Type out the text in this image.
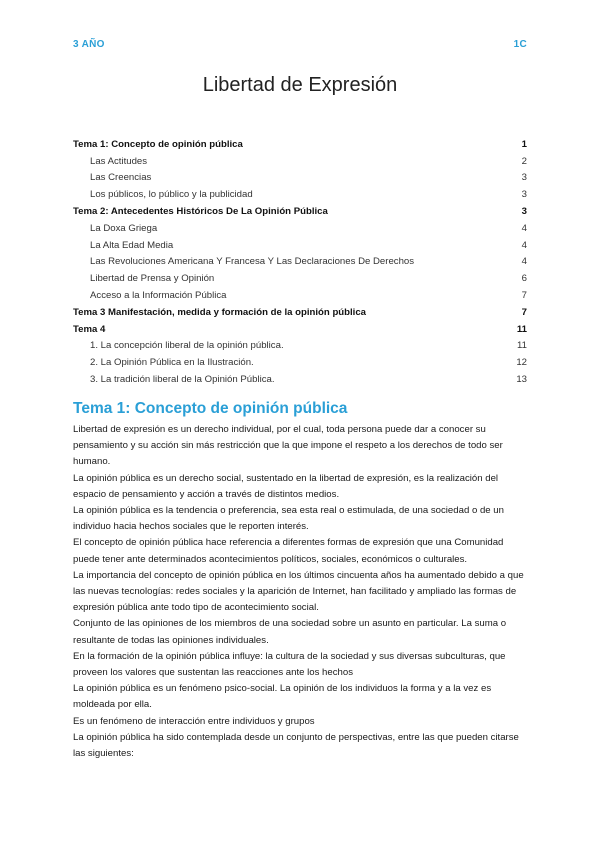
3 AÑO	1C
Libertad de Expresión
Tema 1: Concepto de opinión pública	1
Las Actitudes	2
Las Creencias	3
Los públicos, lo público y la publicidad	3
Tema 2: Antecedentes Históricos De La Opinión Pública	3
La Doxa Griega	4
La Alta Edad Media	4
Las Revoluciones Americana Y Francesa Y Las Declaraciones De Derechos	4
Libertad de Prensa y Opinión	6
Acceso a la Información Pública	7
Tema 3 Manifestación, medida y formación de la opinión pública	7
Tema 4	11
1. La concepción liberal de la opinión pública.	11
2. La Opinión Pública en la Ilustración.	12
3. La tradición liberal de la Opinión Pública.	13
Tema 1: Concepto de opinión pública

Libertad de expresión es un derecho individual, por el cual, toda persona puede dar a conocer su pensamiento y su acción sin más restricción que la que impone el respeto a los derechos de todo ser humano.

La opinión pública es un derecho social, sustentado en la libertad de expresión, es la realización del espacio de pensamiento y acción a través de distintos medios.

La opinión pública es la tendencia o preferencia, sea esta real o estimulada, de una sociedad o de un individuo hacia hechos sociales que le reporten interés.

El concepto de opinión pública hace referencia a diferentes formas de expresión que una Comunidad puede tener ante determinados acontecimientos políticos, sociales, económicos o culturales.

La importancia del concepto de opinión pública en los últimos cincuenta años ha aumentado debido a que las nuevas tecnologías: redes sociales y la aparición de Internet, han facilitado y ampliado las formas de expresión pública ante todo tipo de acontecimiento social.

Conjunto de las opiniones de los miembros de una sociedad sobre un asunto en particular. La suma o resultante de todas las opiniones individuales.

En la formación de la opinión pública influye: la cultura de la sociedad y sus diversas subculturas, que proveen los valores que sustentan las reacciones ante los hechos

La opinión pública es un fenómeno psico-social. La opinión de los individuos la forma y a la vez es moldeada por ella.

Es un fenómeno de interacción entre individuos y grupos

La opinión pública ha sido contemplada desde un conjunto de perspectivas, entre las que pueden citarse las siguientes:
